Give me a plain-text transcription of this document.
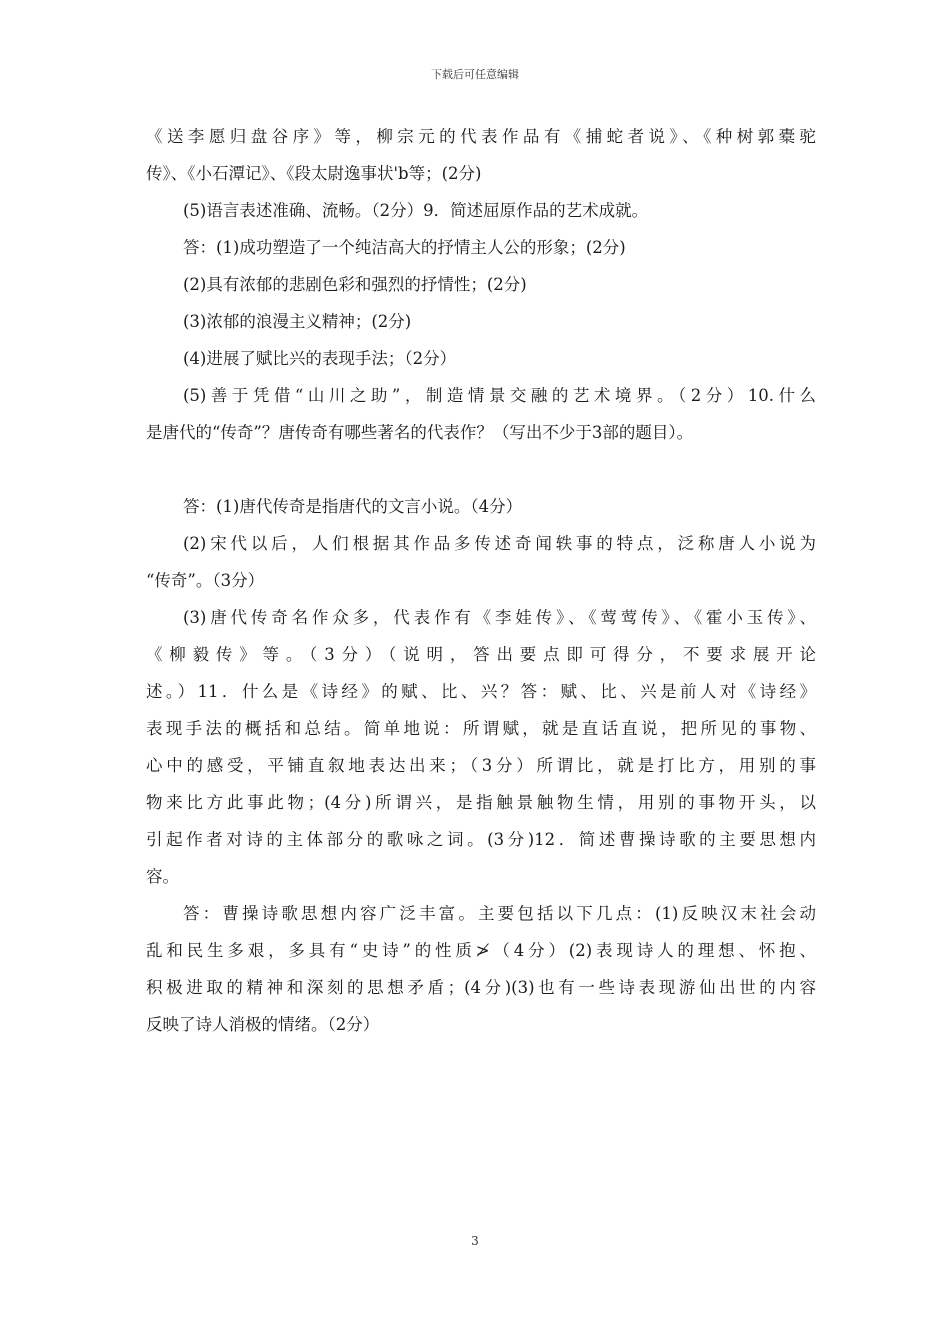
下载后可任意编辑
《送李愿归盘谷序》等，柳宗元的代表作品有《捕蛇者说》、《种树郭橐驼
传》、《小石潭记》、《段太尉逸事状'b等；(2分)
(5)语言表述准确、流畅。（2分）9．简述屈原作品的艺术成就。
答：(1)成功塑造了一个纯洁高大的抒情主人公的形象；(2分)
(2)具有浓郁的悲剧色彩和强烈的抒情性；(2分)
(3)浓郁的浪漫主义精神；(2分)
(4)进展了赋比兴的表现手法；（2分）
(5)善于凭借“山川之助”，制造情景交融的艺术境界。（2分）10.什么
是唐代的“传奇”？唐传奇有哪些著名的代表作？（写出不少于3部的题目）。
答：(1)唐代传奇是指唐代的文言小说。（4分）
(2)宋代以后，人们根据其作品多传述奇闻轶事的特点，泛称唐人小说为
“传奇”。（3分）
(3)唐代传奇名作众多，代表作有《李娃传》、《莺莺传》、《霍小玉传》、
《柳毅传》等。（3分）（说明，答出要点即可得分，不要求展开论
述。）11．什么是《诗经》的赋、比、兴？答：赋、比、兴是前人对《诗经》
表现手法的概括和总结。简单地说：所谓赋，就是直话直说，把所见的事物、
心中的感受，平铺直叙地表达出来；（3分）所谓比，就是打比方，用别的事
物来比方此事此物；(4分)所谓兴，是指触景触物生情，用别的事物开头，以
引起作者对诗的主体部分的歌咏之词。(3分)12．简述曹操诗歌的主要思想内
容。
答：曹操诗歌思想内容广泛丰富。主要包括以下几点：(1)反映汉末社会动
乱和民生多艰，多具有“史诗”的性质≯（4分）(2)表现诗人的理想、怀抱、
积极进取的精神和深刻的思想矛盾；(4分)(3)也有一些诗表现游仙出世的内容
反映了诗人消极的情绪。（2分）
3
